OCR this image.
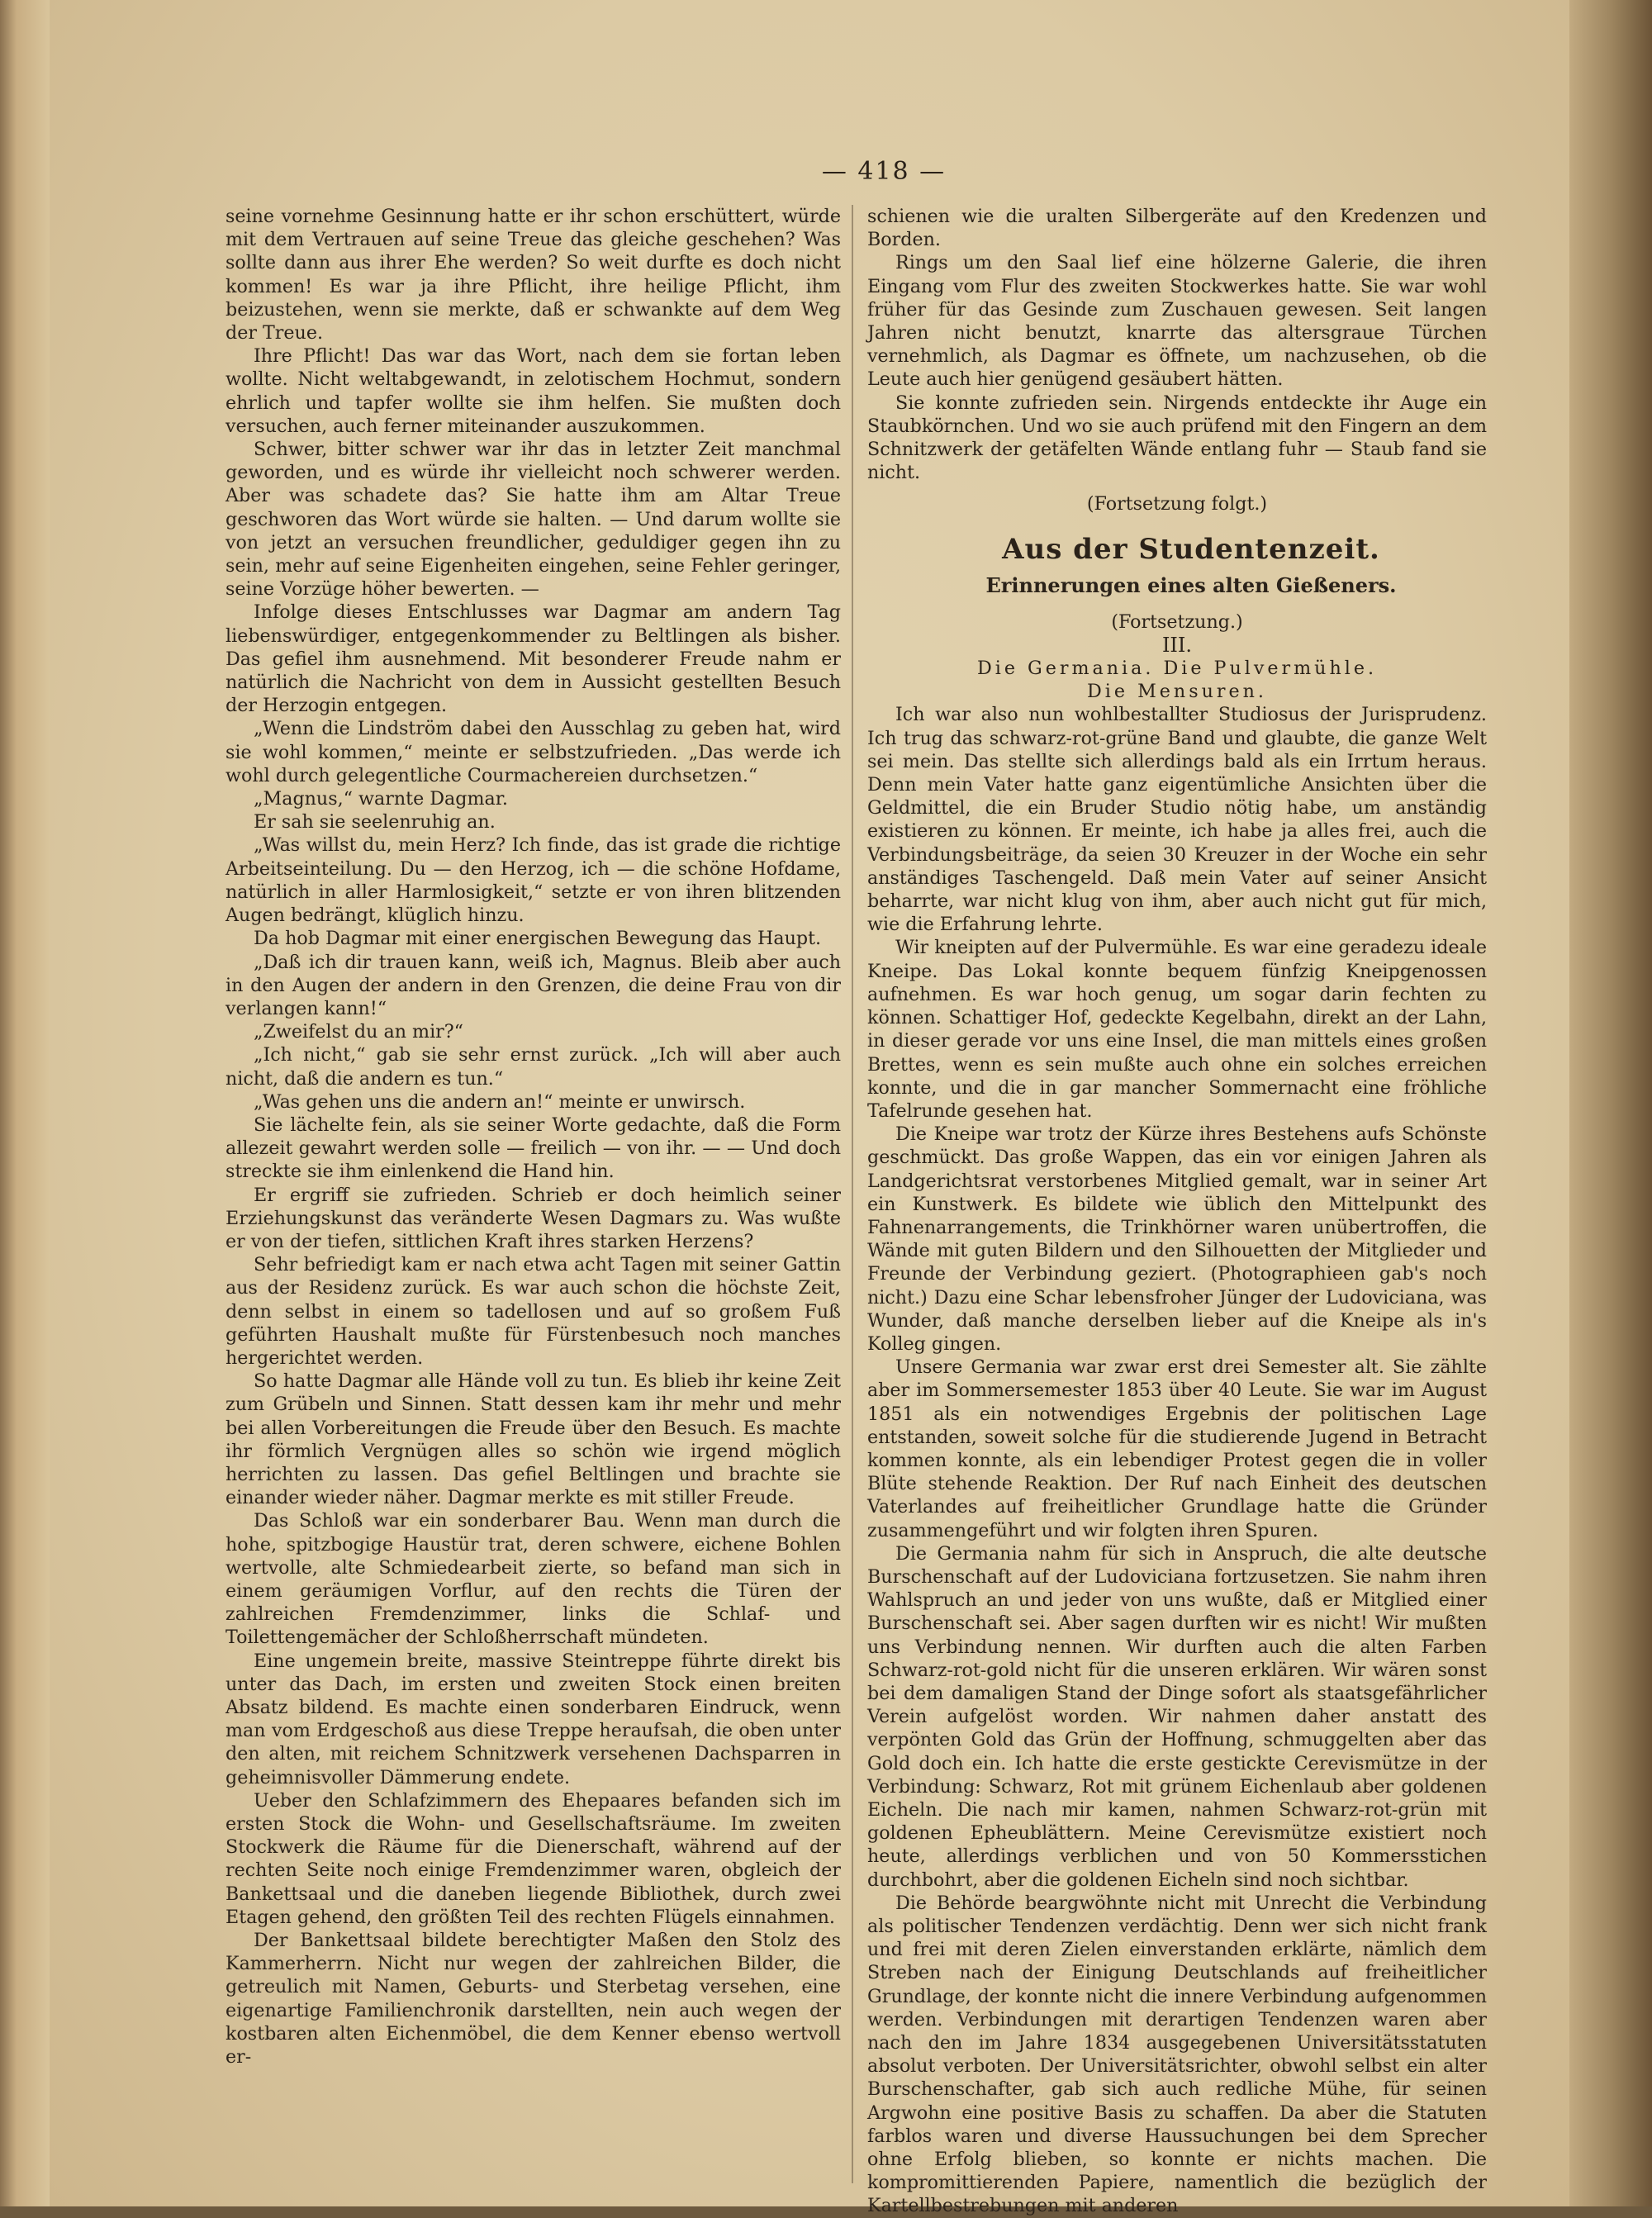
— 418 —

seine vornehme Gesinnung hatte er ihr schon erschüttert, würde mit dem Vertrauen auf seine Treue das gleiche geschehen? Was sollte dann aus ihrer Ehe werden? So weit durfte es doch nicht kommen! Es war ja ihre Pflicht, ihre heilige Pflicht, ihm beizustehen, wenn sie merkte, daß er schwankte auf dem Weg der Treue.

Ihre Pflicht! Das war das Wort, nach dem sie fortan leben wollte. Nicht weltabgewandt, in zelotischem Hochmut, sondern ehrlich und tapfer wollte sie ihm helfen. Sie mußten doch versuchen, auch ferner miteinander auszukommen.

Schwer, bitter schwer war ihr das in letzter Zeit manchmal geworden, und es würde ihr vielleicht noch schwerer werden. Aber was schadete das? Sie hatte ihm am Altar Treue geschworen das Wort würde sie halten. — Und darum wollte sie von jetzt an versuchen freundlicher, geduldiger gegen ihn zu sein, mehr auf seine Eigenheiten eingehen, seine Fehler geringer, seine Vorzüge höher bewerten. —

Infolge dieses Entschlusses war Dagmar am andern Tag liebenswürdiger, entgegenkommender zu Beltlingen als bisher. Das gefiel ihm ausnehmend. Mit besonderer Freude nahm er natürlich die Nachricht von dem in Aussicht gestellten Besuch der Herzogin entgegen.

„Wenn die Lindström dabei den Ausschlag zu geben hat, wird sie wohl kommen,“ meinte er selbstzufrieden. „Das werde ich wohl durch gelegentliche Courmachereien durchsetzen.“

„Magnus,“ warnte Dagmar.

Er sah sie seelenruhig an.

„Was willst du, mein Herz? Ich finde, das ist grade die richtige Arbeitseinteilung. Du — den Herzog, ich — die schöne Hofdame, natürlich in aller Harmlosigkeit,“ setzte er von ihren blitzenden Augen bedrängt, klüglich hinzu.

Da hob Dagmar mit einer energischen Bewegung das Haupt.

„Daß ich dir trauen kann, weiß ich, Magnus. Bleib aber auch in den Augen der andern in den Grenzen, die deine Frau von dir verlangen kann!“

„Zweifelst du an mir?“

„Ich nicht,“ gab sie sehr ernst zurück. „Ich will aber auch nicht, daß die andern es tun.“

„Was gehen uns die andern an!“ meinte er unwirsch.

Sie lächelte fein, als sie seiner Worte gedachte, daß die Form allezeit gewahrt werden solle — freilich — von ihr. — — Und doch streckte sie ihm einlenkend die Hand hin.

Er ergriff sie zufrieden. Schrieb er doch heimlich seiner Erziehungskunst das veränderte Wesen Dagmars zu. Was wußte er von der tiefen, sittlichen Kraft ihres starken Herzens?

Sehr befriedigt kam er nach etwa acht Tagen mit seiner Gattin aus der Residenz zurück. Es war auch schon die höchste Zeit, denn selbst in einem so tadellosen und auf so großem Fuß geführten Haushalt mußte für Fürstenbesuch noch manches hergerichtet werden.

So hatte Dagmar alle Hände voll zu tun. Es blieb ihr keine Zeit zum Grübeln und Sinnen. Statt dessen kam ihr mehr und mehr bei allen Vorbereitungen die Freude über den Besuch. Es machte ihr förmlich Vergnügen alles so schön wie irgend möglich herrichten zu lassen. Das gefiel Beltlingen und brachte sie einander wieder näher. Dagmar merkte es mit stiller Freude.

Das Schloß war ein sonderbarer Bau. Wenn man durch die hohe, spitzbogige Haustür trat, deren schwere, eichene Bohlen wertvolle, alte Schmiedearbeit zierte, so befand man sich in einem geräumigen Vorflur, auf den rechts die Türen der zahlreichen Fremdenzimmer, links die Schlaf- und Toilettengemächer der Schloßherrschaft mündeten.

Eine ungemein breite, massive Steintreppe führte direkt bis unter das Dach, im ersten und zweiten Stock einen breiten Absatz bildend. Es machte einen sonderbaren Eindruck, wenn man vom Erdgeschoß aus diese Treppe heraufsah, die oben unter den alten, mit reichem Schnitzwerk versehenen Dachsparren in geheimnisvoller Dämmerung endete.

Ueber den Schlafzimmern des Ehepaares befanden sich im ersten Stock die Wohn- und Gesellschaftsräume. Im zweiten Stockwerk die Räume für die Dienerschaft, während auf der rechten Seite noch einige Fremdenzimmer waren, obgleich der Bankettsaal und die daneben liegende Bibliothek, durch zwei Etagen gehend, den größten Teil des rechten Flügels einnahmen.

Der Bankettsaal bildete berechtigter Maßen den Stolz des Kammerherrn. Nicht nur wegen der zahlreichen Bilder, die getreulich mit Namen, Geburts- und Sterbetag versehen, eine eigenartige Familienchronik darstellten, nein auch wegen der kostbaren alten Eichenmöbel, die dem Kenner ebenso wertvoll er-

schienen wie die uralten Silbergeräte auf den Kredenzen und Borden.

Rings um den Saal lief eine hölzerne Galerie, die ihren Eingang vom Flur des zweiten Stockwerkes hatte. Sie war wohl früher für das Gesinde zum Zuschauen gewesen. Seit langen Jahren nicht benutzt, knarrte das altersgraue Türchen vernehmlich, als Dagmar es öffnete, um nachzusehen, ob die Leute auch hier genügend gesäubert hätten.

Sie konnte zufrieden sein. Nirgends entdeckte ihr Auge ein Staubkörnchen. Und wo sie auch prüfend mit den Fingern an dem Schnitzwerk der getäfelten Wände entlang fuhr — Staub fand sie nicht.

(Fortsetzung folgt.)

Aus der Studentenzeit.

Erinnerungen eines alten Gießeners.

(Fortsetzung.)

III.

Die Germania. Die Pulvermühle.

Die Mensuren.

Ich war also nun wohlbestallter Studiosus der Jurisprudenz. Ich trug das schwarz-rot-grüne Band und glaubte, die ganze Welt sei mein. Das stellte sich allerdings bald als ein Irrtum heraus. Denn mein Vater hatte ganz eigentümliche Ansichten über die Geldmittel, die ein Bruder Studio nötig habe, um anständig existieren zu können. Er meinte, ich habe ja alles frei, auch die Verbindungsbeiträge, da seien 30 Kreuzer in der Woche ein sehr anständiges Taschengeld. Daß mein Vater auf seiner Ansicht beharrte, war nicht klug von ihm, aber auch nicht gut für mich, wie die Erfahrung lehrte.

Wir kneipten auf der Pulvermühle. Es war eine geradezu ideale Kneipe. Das Lokal konnte bequem fünfzig Kneipgenossen aufnehmen. Es war hoch genug, um sogar darin fechten zu können. Schattiger Hof, gedeckte Kegelbahn, direkt an der Lahn, in dieser gerade vor uns eine Insel, die man mittels eines großen Brettes, wenn es sein mußte auch ohne ein solches erreichen konnte, und die in gar mancher Sommernacht eine fröhliche Tafelrunde gesehen hat.

Die Kneipe war trotz der Kürze ihres Bestehens aufs Schönste geschmückt. Das große Wappen, das ein vor einigen Jahren als Landgerichtsrat verstorbenes Mitglied gemalt, war in seiner Art ein Kunstwerk. Es bildete wie üblich den Mittelpunkt des Fahnenarrangements, die Trinkhörner waren unübertroffen, die Wände mit guten Bildern und den Silhouetten der Mitglieder und Freunde der Verbindung geziert. (Photographieen gab's noch nicht.) Dazu eine Schar lebensfroher Jünger der Ludoviciana, was Wunder, daß manche derselben lieber auf die Kneipe als in's Kolleg gingen.

Unsere Germania war zwar erst drei Semester alt. Sie zählte aber im Sommersemester 1853 über 40 Leute. Sie war im August 1851 als ein notwendiges Ergebnis der politischen Lage entstanden, soweit solche für die studierende Jugend in Betracht kommen konnte, als ein lebendiger Protest gegen die in voller Blüte stehende Reaktion. Der Ruf nach Einheit des deutschen Vaterlandes auf freiheitlicher Grundlage hatte die Gründer zusammengeführt und wir folgten ihren Spuren.

Die Germania nahm für sich in Anspruch, die alte deutsche Burschenschaft auf der Ludoviciana fortzusetzen. Sie nahm ihren Wahlspruch an und jeder von uns wußte, daß er Mitglied einer Burschenschaft sei. Aber sagen durften wir es nicht! Wir mußten uns Verbindung nennen. Wir durften auch die alten Farben Schwarz-rot-gold nicht für die unseren erklären. Wir wären sonst bei dem damaligen Stand der Dinge sofort als staatsgefährlicher Verein aufgelöst worden. Wir nahmen daher anstatt des verpönten Gold das Grün der Hoffnung, schmuggelten aber das Gold doch ein. Ich hatte die erste gestickte Cerevismütze in der Verbindung: Schwarz, Rot mit grünem Eichenlaub aber goldenen Eicheln. Die nach mir kamen, nahmen Schwarz-rot-grün mit goldenen Epheublättern. Meine Cerevismütze existiert noch heute, allerdings verblichen und von 50 Kommersstichen durchbohrt, aber die goldenen Eicheln sind noch sichtbar.

Die Behörde beargwöhnte nicht mit Unrecht die Verbindung als politischer Tendenzen verdächtig. Denn wer sich nicht frank und frei mit deren Zielen einverstanden erklärte, nämlich dem Streben nach der Einigung Deutschlands auf freiheitlicher Grundlage, der konnte nicht die innere Verbindung aufgenommen werden. Verbindungen mit derartigen Tendenzen waren aber nach den im Jahre 1834 ausgegebenen Universitätsstatuten absolut verboten. Der Universitätsrichter, obwohl selbst ein alter Burschenschafter, gab sich auch redliche Mühe, für seinen Argwohn eine positive Basis zu schaffen. Da aber die Statuten farblos waren und diverse Haussuchungen bei dem Sprecher ohne Erfolg blieben, so konnte er nichts machen. Die kompromittierenden Papiere, namentlich die bezüglich der Kartellbestrebungen mit anderen
